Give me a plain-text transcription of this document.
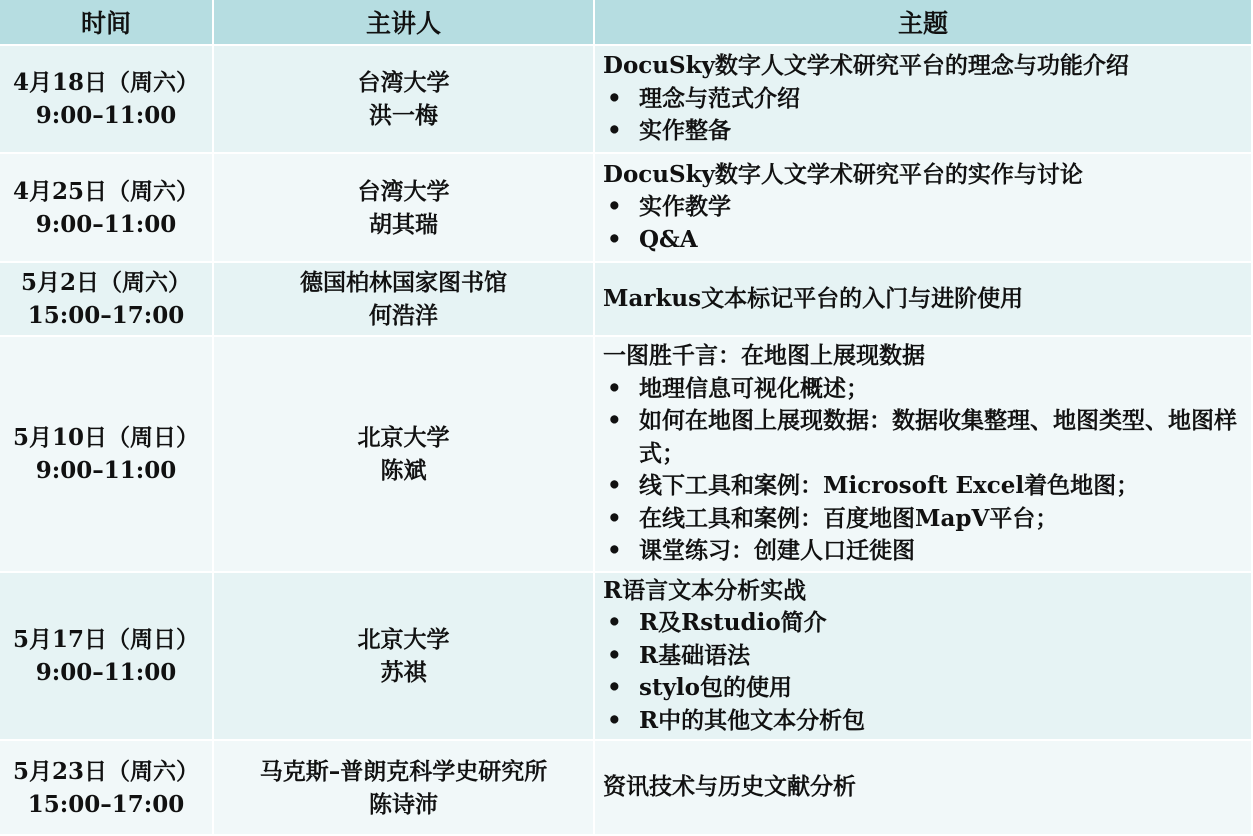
时间	主讲人	主题
4月18日（周六）
9:00–11:00
台湾大学
洪一梅
DocuSky数字人文学术研究平台的理念与功能介绍
• 理念与范式介绍
• 实作整备
4月25日（周六）
9:00–11:00
台湾大学
胡其瑞
DocuSky数字人文学术研究平台的实作与讨论
• 实作教学
• Q&A
5月2日（周六）
15:00–17:00
德国柏林国家图书馆
何浩洋
Markus文本标记平台的入门与进阶使用
5月10日（周日）
9:00–11:00
北京大学
陈斌
一图胜千言：在地图上展现数据
• 地理信息可视化概述；
• 如何在地图上展现数据：数据收集整理、地图类型、地图样式；
• 线下工具和案例：Microsoft Excel着色地图；
• 在线工具和案例：百度地图MapV平台；
• 课堂练习：创建人口迁徙图
5月17日（周日）
9:00–11:00
北京大学
苏祺
R语言文本分析实战
• R及Rstudio简介
• R基础语法
• stylo包的使用
• R中的其他文本分析包
5月23日（周六）
15:00–17:00
马克斯–普朗克科学史研究所
陈诗沛
资讯技术与历史文献分析
